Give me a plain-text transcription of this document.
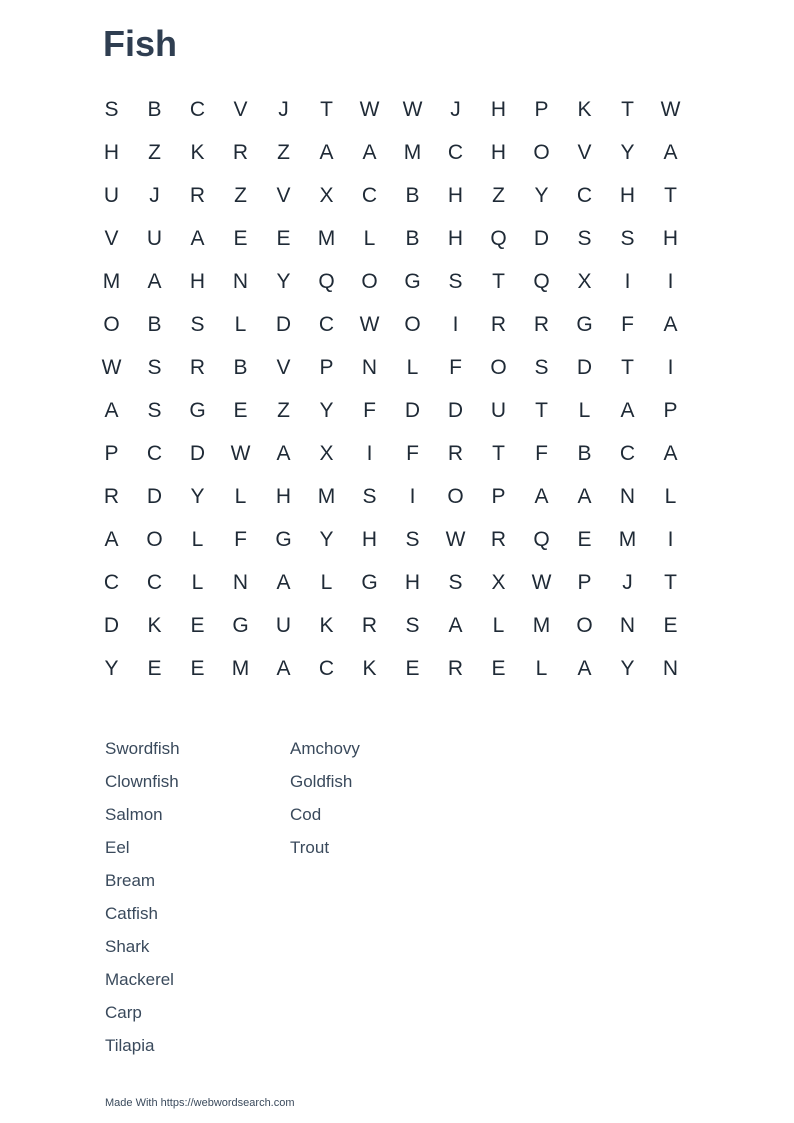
Fish
S	B	C	V	J	T	W	W	J	H	P	K	T	W
H	Z	K	R	Z	A	A	M	C	H	O	V	Y	A
U	J	R	Z	V	X	C	B	H	Z	Y	C	H	T
V	U	A	E	E	M	L	B	H	Q	D	S	S	H
M	A	H	N	Y	Q	O	G	S	T	Q	X	I	I
O	B	S	L	D	C	W	O	I	R	R	G	F	A
W	S	R	B	V	P	N	L	F	O	S	D	T	I
A	S	G	E	Z	Y	F	D	D	U	T	L	A	P
P	C	D	W	A	X	I	F	R	T	F	B	C	A
R	D	Y	L	H	M	S	I	O	P	A	A	N	L
A	O	L	F	G	Y	H	S	W	R	Q	E	M	I
C	C	L	N	A	L	G	H	S	X	W	P	J	T
D	K	E	G	U	K	R	S	A	L	M	O	N	E
Y	E	E	M	A	C	K	E	R	E	L	A	Y	N
Swordfish
Clownfish
Salmon
Eel
Bream
Catfish
Shark
Mackerel
Carp
Tilapia
Amchovy
Goldfish
Cod
Trout
Made With https://webwordsearch.com
